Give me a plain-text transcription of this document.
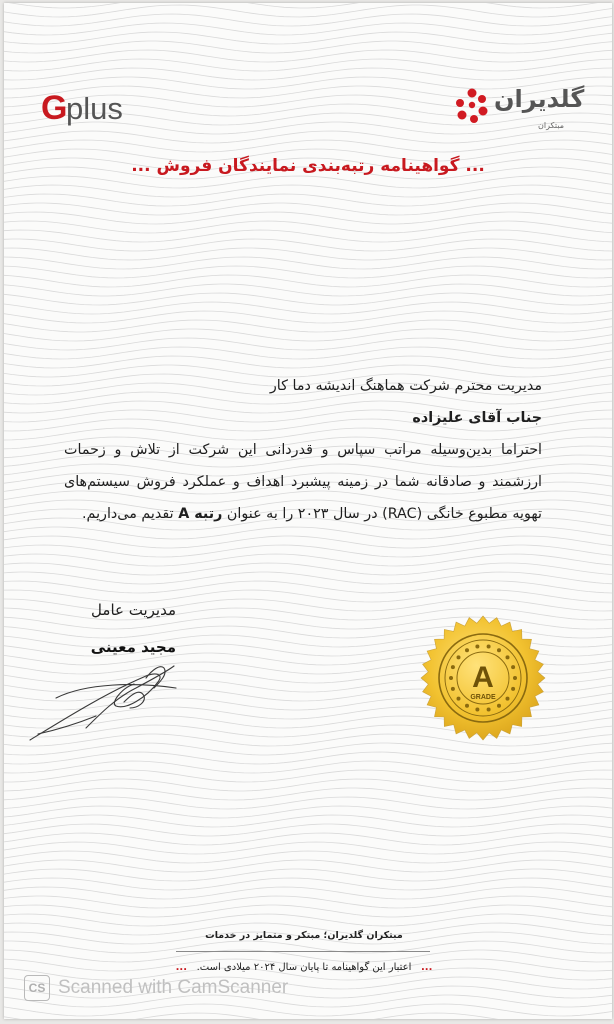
G
plus	گلدیران
مبتکران
... گواهینامه رتبه‌بندی نمایندگان فروش ...

مدیریت محترم شرکت هماهنگ اندیشه دما کار

جناب آقای علیزاده

احتراما بدین‌وسیله مراتب سپاس و قدردانی این شرکت از تلاش و زحمات ارزشمند و صادقانه شما در زمینه پیشبرد اهداف و عملکرد فروش سیستم‌های تهویه مطبوع خانگی (RAC) در سال ۲۰۲۳ را به عنوان رتبه A تقدیم می‌داریم.

مدیریت عامل
مجید معینی
A
GRADE
مبتکران گلدیران؛ مبتکر و متمایز در خدمات
...   اعتبار این گواهینامه تا پایان سال ۲۰۲۴ میلادی است.   ...
CS Scanned with CamScanner
